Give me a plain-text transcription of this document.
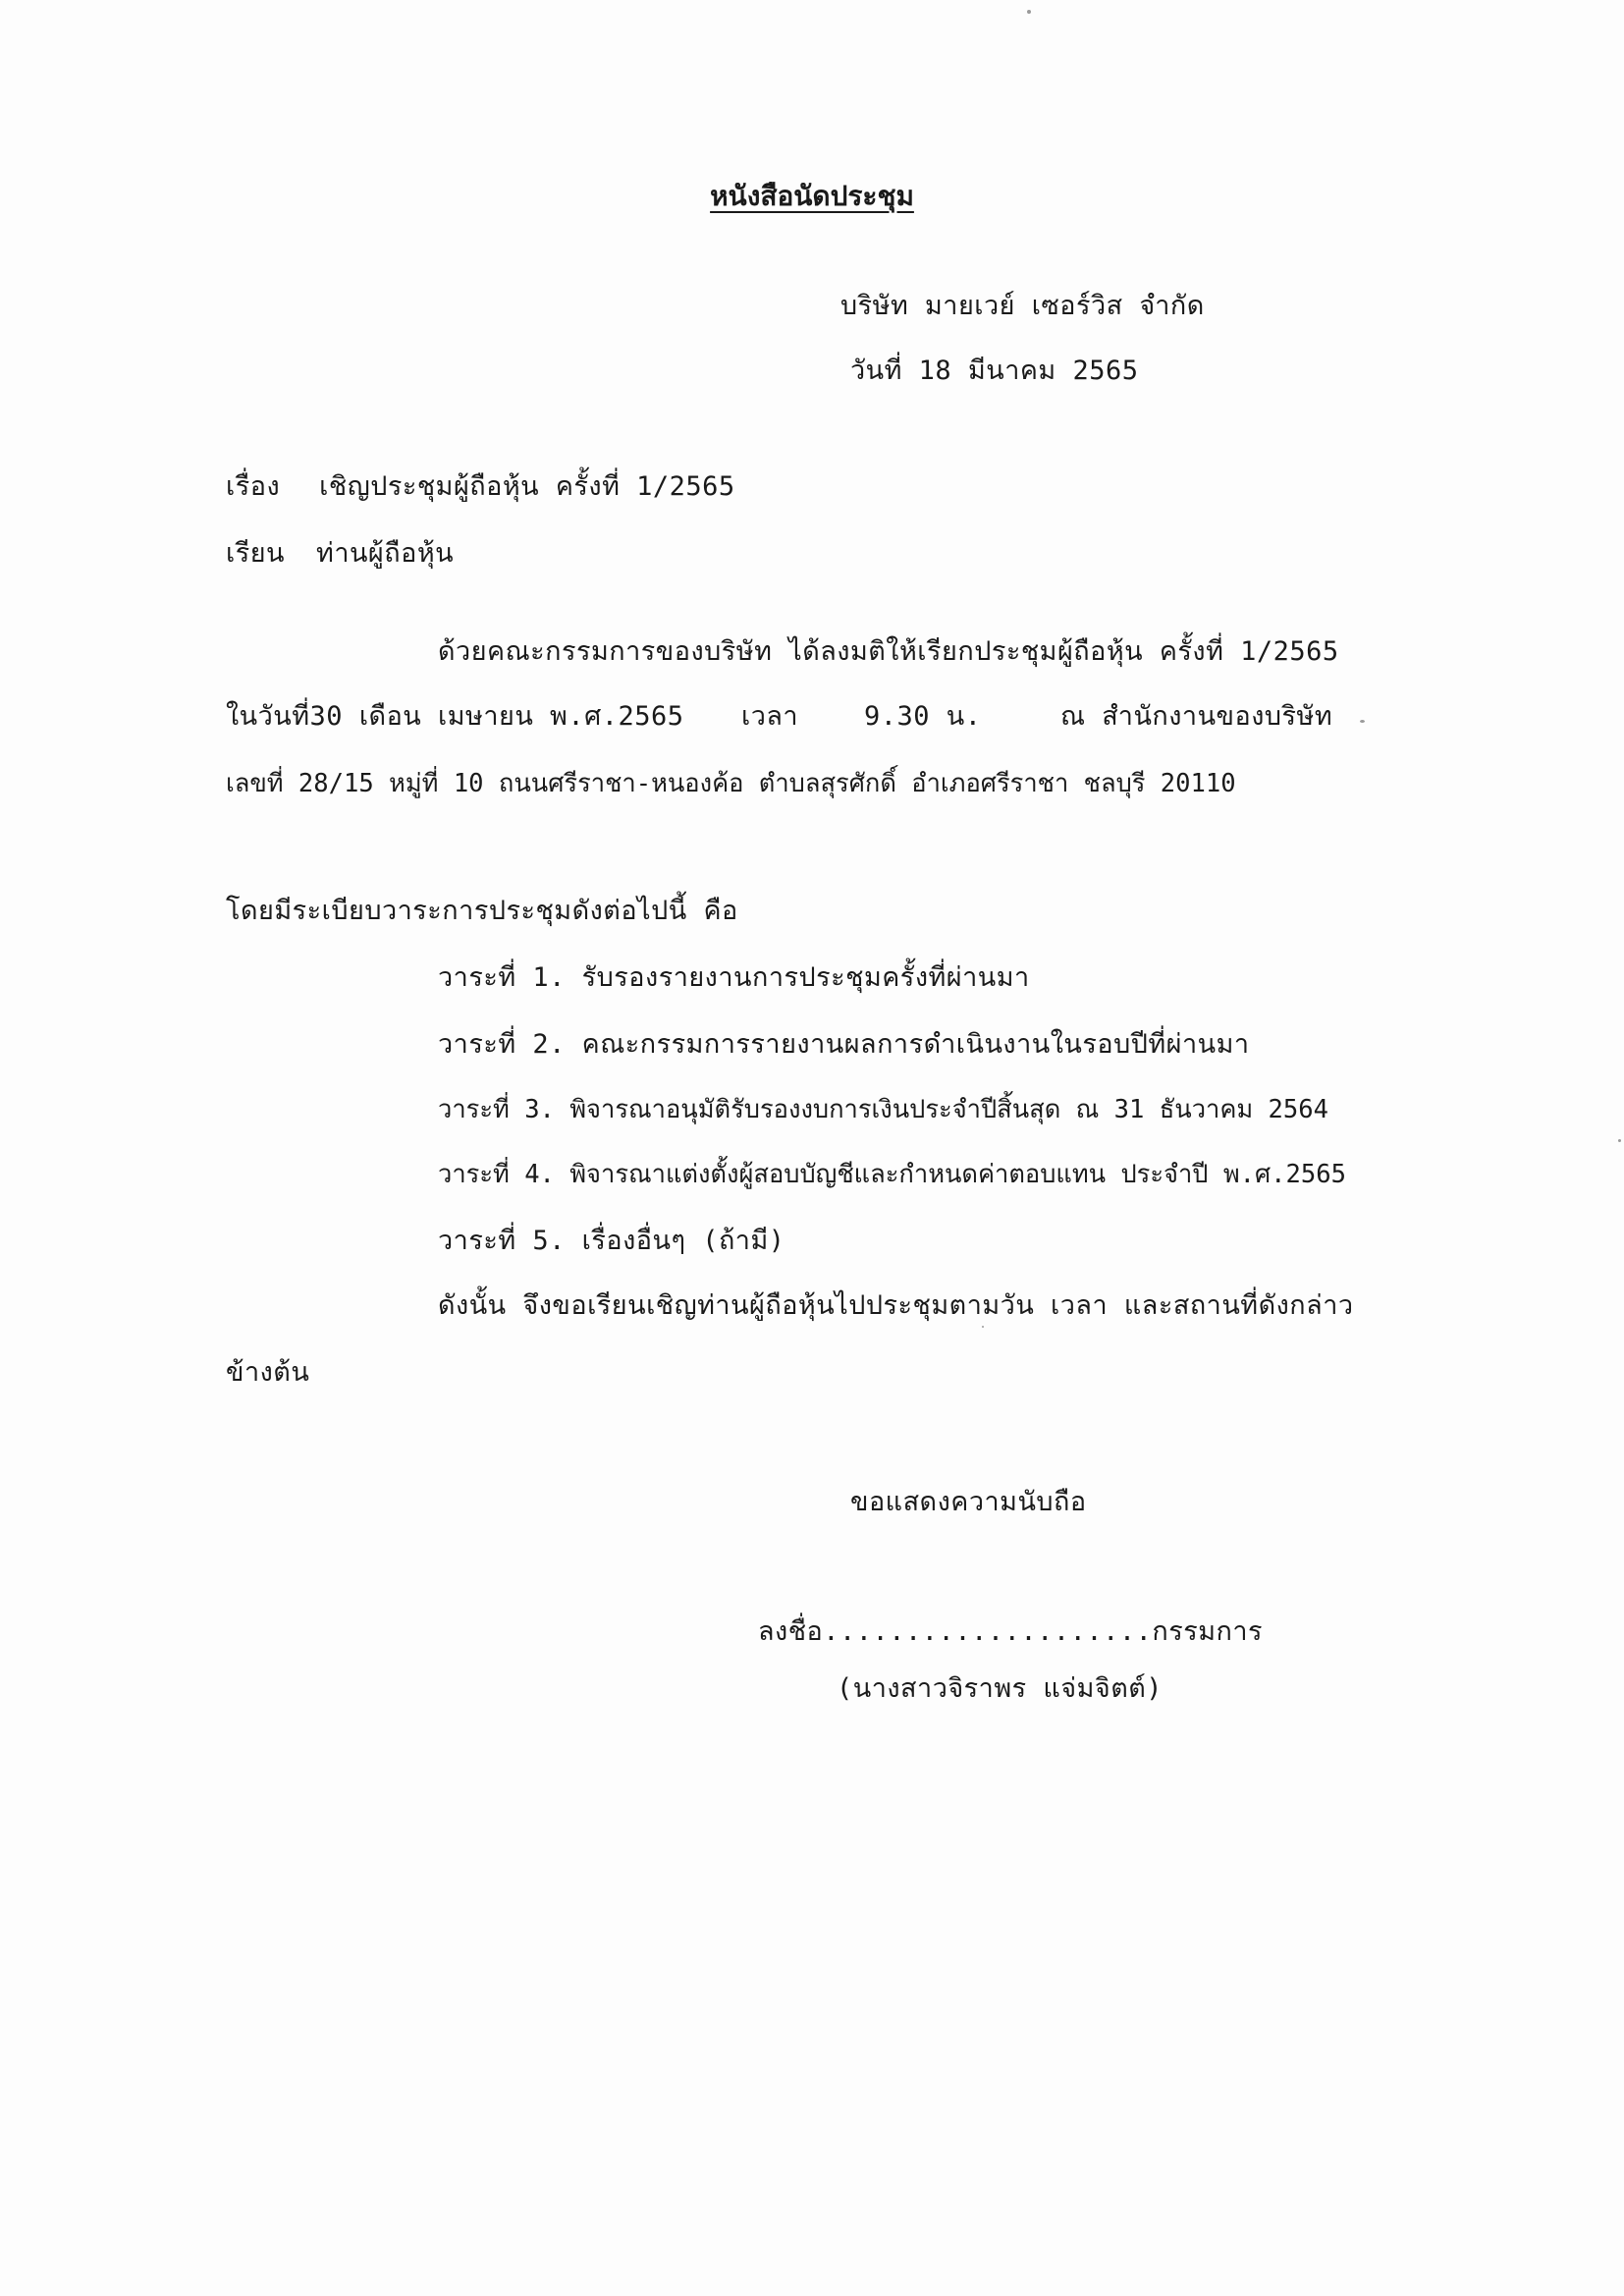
หนังสือนัดประชุม
บริษัท มายเวย์ เซอร์วิส จำกัด
วันที่ 18 มีนาคม 2565
เรื่อง เชิญประชุมผู้ถือหุ้น ครั้งที่ 1/2565
เรียน ท่านผู้ถือหุ้น
ด้วยคณะกรรมการของบริษัท ได้ลงมติให้เรียกประชุมผู้ถือหุ้น ครั้งที่ 1/2565
ในวันที่30 เดือน เมษายน พ.ศ.2565 เวลา 9.30 น.	ณ สำนักงานของบริษัท
เลขที่ 28/15 หมู่ที่ 10 ถนนศรีราชา-หนองค้อ ตำบลสุรศักดิ์ อำเภอศรีราชา ชลบุรี 20110
โดยมีระเบียบวาระการประชุมดังต่อไปนี้ คือ
วาระที่ 1. รับรองรายงานการประชุมครั้งที่ผ่านมา
วาระที่ 2. คณะกรรมการรายงานผลการดำเนินงานในรอบปีที่ผ่านมา
วาระที่ 3. พิจารณาอนุมัติรับรองงบการเงินประจำปีสิ้นสุด ณ 31 ธันวาคม 2564
วาระที่ 4. พิจารณาแต่งตั้งผู้สอบบัญชีและกำหนดค่าตอบแทน ประจำปี พ.ศ.2565
วาระที่ 5. เรื่องอื่นๆ (ถ้ามี)
ดังนั้น จึงขอเรียนเชิญท่านผู้ถือหุ้นไปประชุมตามวัน เวลา และสถานที่ดังกล่าว
ข้างต้น
ขอแสดงความนับถือ
ลงชื่อ....................กรรมการ
(นางสาวจิราพร แจ่มจิตต์)
